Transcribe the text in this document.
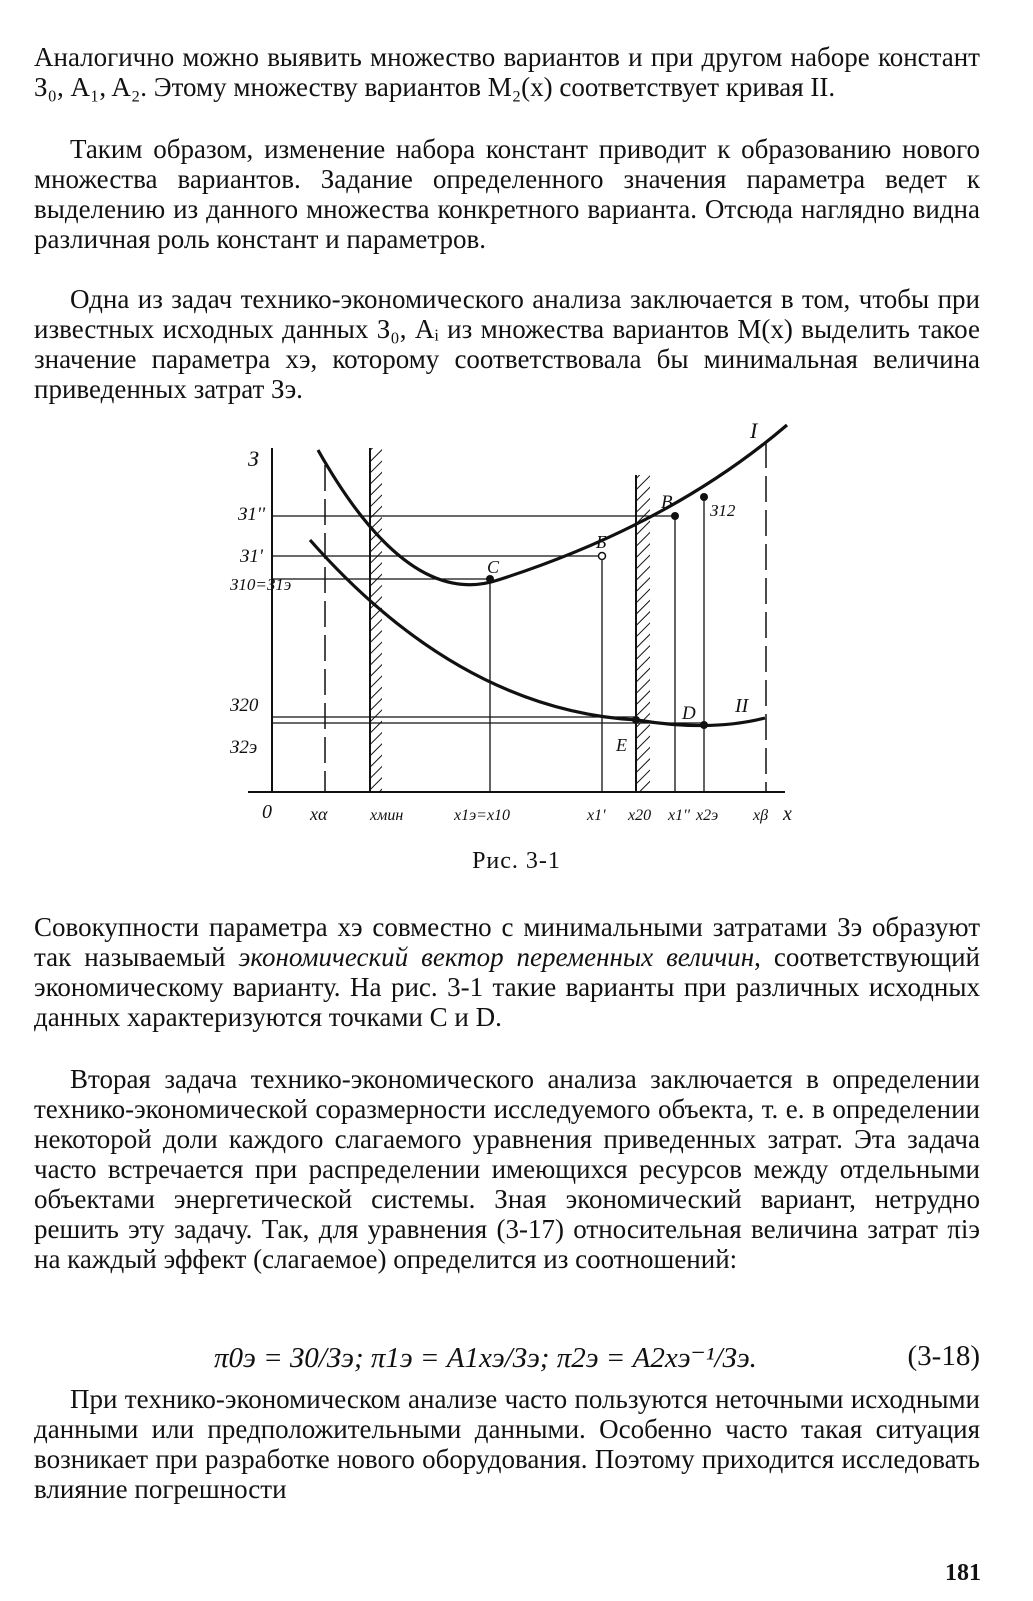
Аналогично можно выявить множество вариантов и при другом наборе констант З₀, A₁, A₂. Этому множеству вариантов M₂(x) соответствует кривая II.

Таким образом, изменение набора констант приводит к образованию нового множества вариантов. Задание определенного значения параметра ведет к выделению из данного множества конкретного варианта. Отсюда наглядно видна различная роль констант и параметров.

Одна из задач технико-экономического анализа заключается в том, чтобы при известных исходных данных З₀, Aᵢ из множества вариантов M(x) выделить такое значение параметра xэ, которому соответствовала бы минимальная величина приведенных затрат Зэ.

З
0	x
З1''
З1'
З10=З1э
З20
З2э
xα	xмин	x1э=x10	x1' x20 x1'' x2э xβ
I
II
В З12
Б
C
D
E
Рис. 3-1

Совокупности параметра xэ совместно с минимальными затратами Зэ образуют так называемый экономический вектор переменных величин, соответствующий экономическому варианту. На рис. 3-1 такие варианты при различных исходных данных характеризуются точками C и D.

Вторая задача технико-экономического анализа заключается в определении технико-экономической соразмерности исследуемого объекта, т. е. в определении некоторой доли каждого слагаемого уравнения приведенных затрат. Эта задача часто встречается при распределении имеющихся ресурсов между отдельными объектами энергетической системы. Зная экономический вариант, нетрудно решить эту задачу. Так, для уравнения (3-17) относительная величина затрат πiэ на каждый эффект (слагаемое) определится из соотношений:

π0э = З0/Зэ; π1э = A1xэ/Зэ; π2э = A2xэ⁻¹/Зэ.	(3-18)

При технико-экономическом анализе часто пользуются неточными исходными данными или предположительными данными. Особенно часто такая ситуация возникает при разработке нового оборудования. Поэтому приходится исследовать влияние погрешности

181
